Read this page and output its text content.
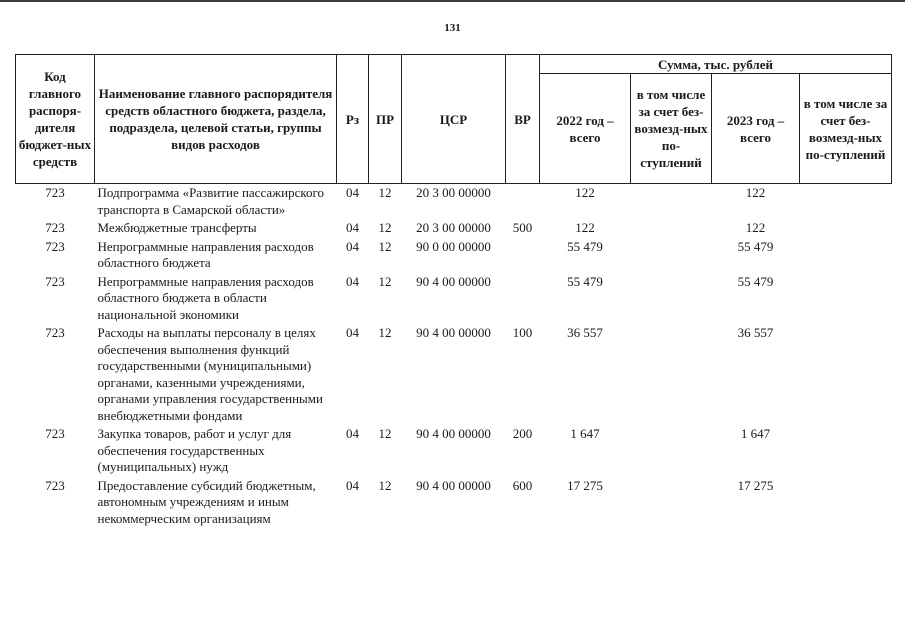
131
Код главного распоря-дителя бюджет-ных средств	Наименование главного распорядителя средств областного бюджета, раздела, подраздела, целевой статьи, группы видов расходов	Рз	ПР	ЦСР	ВР	Сумма, тыс. рублей			
						2022 год – всего	в том числе за счет без-возмезд-ных по-ступлений	2023 год – всего	в том числе за счет без-возмезд-ных по-ступлений
723	Подпрограмма «Развитие пассажирского транспорта в Самарской области»	04	12	20 3 00 00000		122		122	
723	Межбюджетные трансферты	04	12	20 3 00 00000	500	122		122	
723	Непрограммные направления расходов областного бюджета	04	12	90 0 00 00000		55 479		55 479	
723	Непрограммные направления расходов областного бюджета в области национальной экономики	04	12	90 4 00 00000		55 479		55 479	
723	Расходы на выплаты персоналу в целях обеспечения выполнения функций государственными (муниципальными) органами, казенными учреждениями, органами управления государственными внебюджетными фондами	04	12	90 4 00 00000	100	36 557		36 557	
723	Закупка товаров, работ и услуг для обеспечения государственных (муниципальных) нужд	04	12	90 4 00 00000	200	1 647		1 647	
723	Предоставление субсидий бюджетным, автономным учреждениям и иным некоммерческим организациям	04	12	90 4 00 00000	600	17 275		17 275	
